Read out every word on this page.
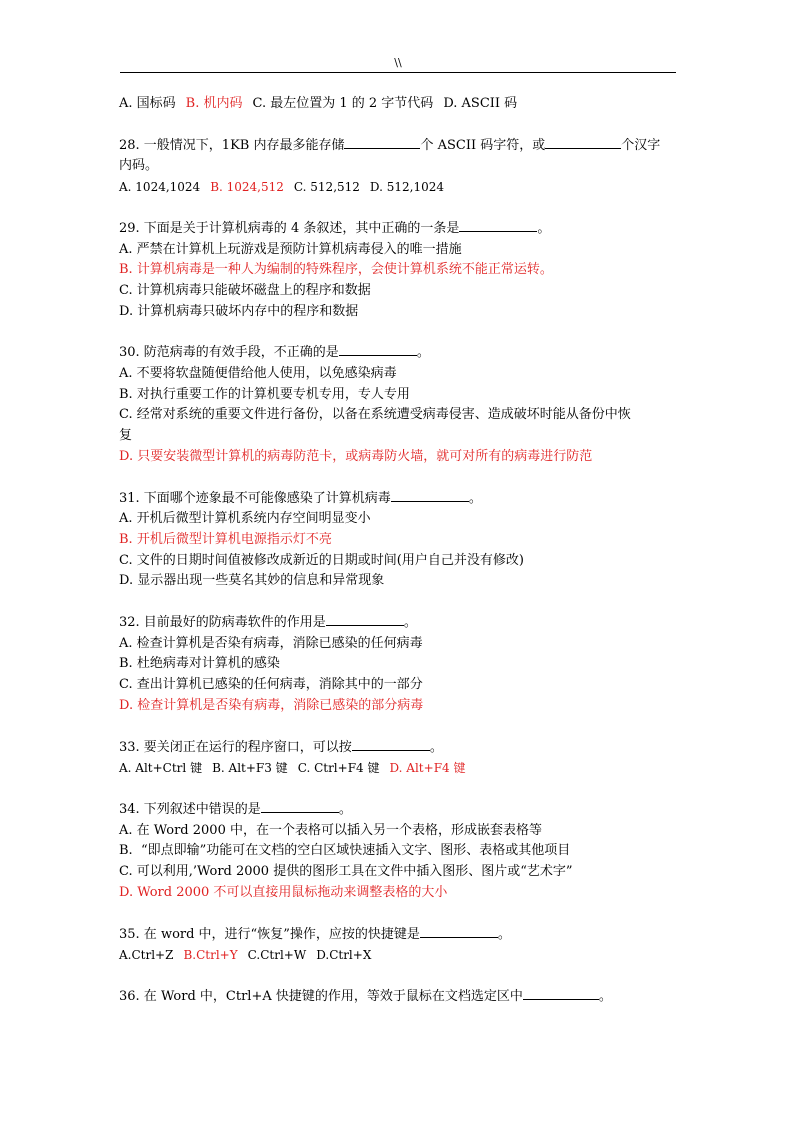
\\
A. 国标码 B. 机内码 C. 最左位置为 1 的 2 字节代码 D. ASCII 码
28. 一般情况下，1KB 内存最多能存储	个 ASCII 码字符，或	个汉字
内码。
A. 1024,1024 B. 1024,512 C. 512,512 D. 512,1024
29. 下面是关于计算机病毒的 4 条叙述，其中正确的一条是	。
A. 严禁在计算机上玩游戏是预防计算机病毒侵入的唯一措施
B. 计算机病毒是一种人为编制的特殊程序，会使计算机系统不能正常运转。
C. 计算机病毒只能破坏磁盘上的程序和数据
D. 计算机病毒只破坏内存中的程序和数据
30. 防范病毒的有效手段，不正确的是	。
A. 不要将软盘随便借给他人使用，以免感染病毒
B. 对执行重要工作的计算机要专机专用，专人专用
C. 经常对系统的重要文件进行备份，以备在系统遭受病毒侵害、造成破坏时能从备份中恢
复
D. 只要安装微型计算机的病毒防范卡，或病毒防火墙，就可对所有的病毒进行防范
31. 下面哪个迹象最不可能像感染了计算机病毒	。
A. 开机后微型计算机系统内存空间明显变小
B. 开机后微型计算机电源指示灯不亮
C. 文件的日期时间值被修改成新近的日期或时间(用户自己并没有修改)
D. 显示器出现一些莫名其妙的信息和异常现象
32. 目前最好的防病毒软件的作用是	。
A. 检查计算机是否染有病毒，消除已感染的任何病毒
B. 杜绝病毒对计算机的感染
C. 查出计算机已感染的任何病毒，消除其中的一部分
D. 检查计算机是否染有病毒，消除已感染的部分病毒
33. 要关闭正在运行的程序窗口，可以按	。
A. Alt+Ctrl 键 B. Alt+F3 键 C. Ctrl+F4 键 D. Alt+F4 键
34. 下列叙述中错误的是	。
A. 在 Word 2000 中，在一个表格可以插入另一个表格，形成嵌套表格等
B.  “即点即输”功能可在文档的空白区域快速插入文字、图形、表格或其他项目
C. 可以利用,’Word 2000 提供的图形工具在文件中插入图形、图片或“艺术字”
D. Word 2000 不可以直接用鼠标拖动来调整表格的大小
35. 在 word 中，进行“恢复”操作，应按的快捷键是	。
A.Ctrl+Z B.Ctrl+Y C.Ctrl+W D.Ctrl+X
36. 在 Word 中，Ctrl+A 快捷键的作用，等效于鼠标在文档选定区中	。
